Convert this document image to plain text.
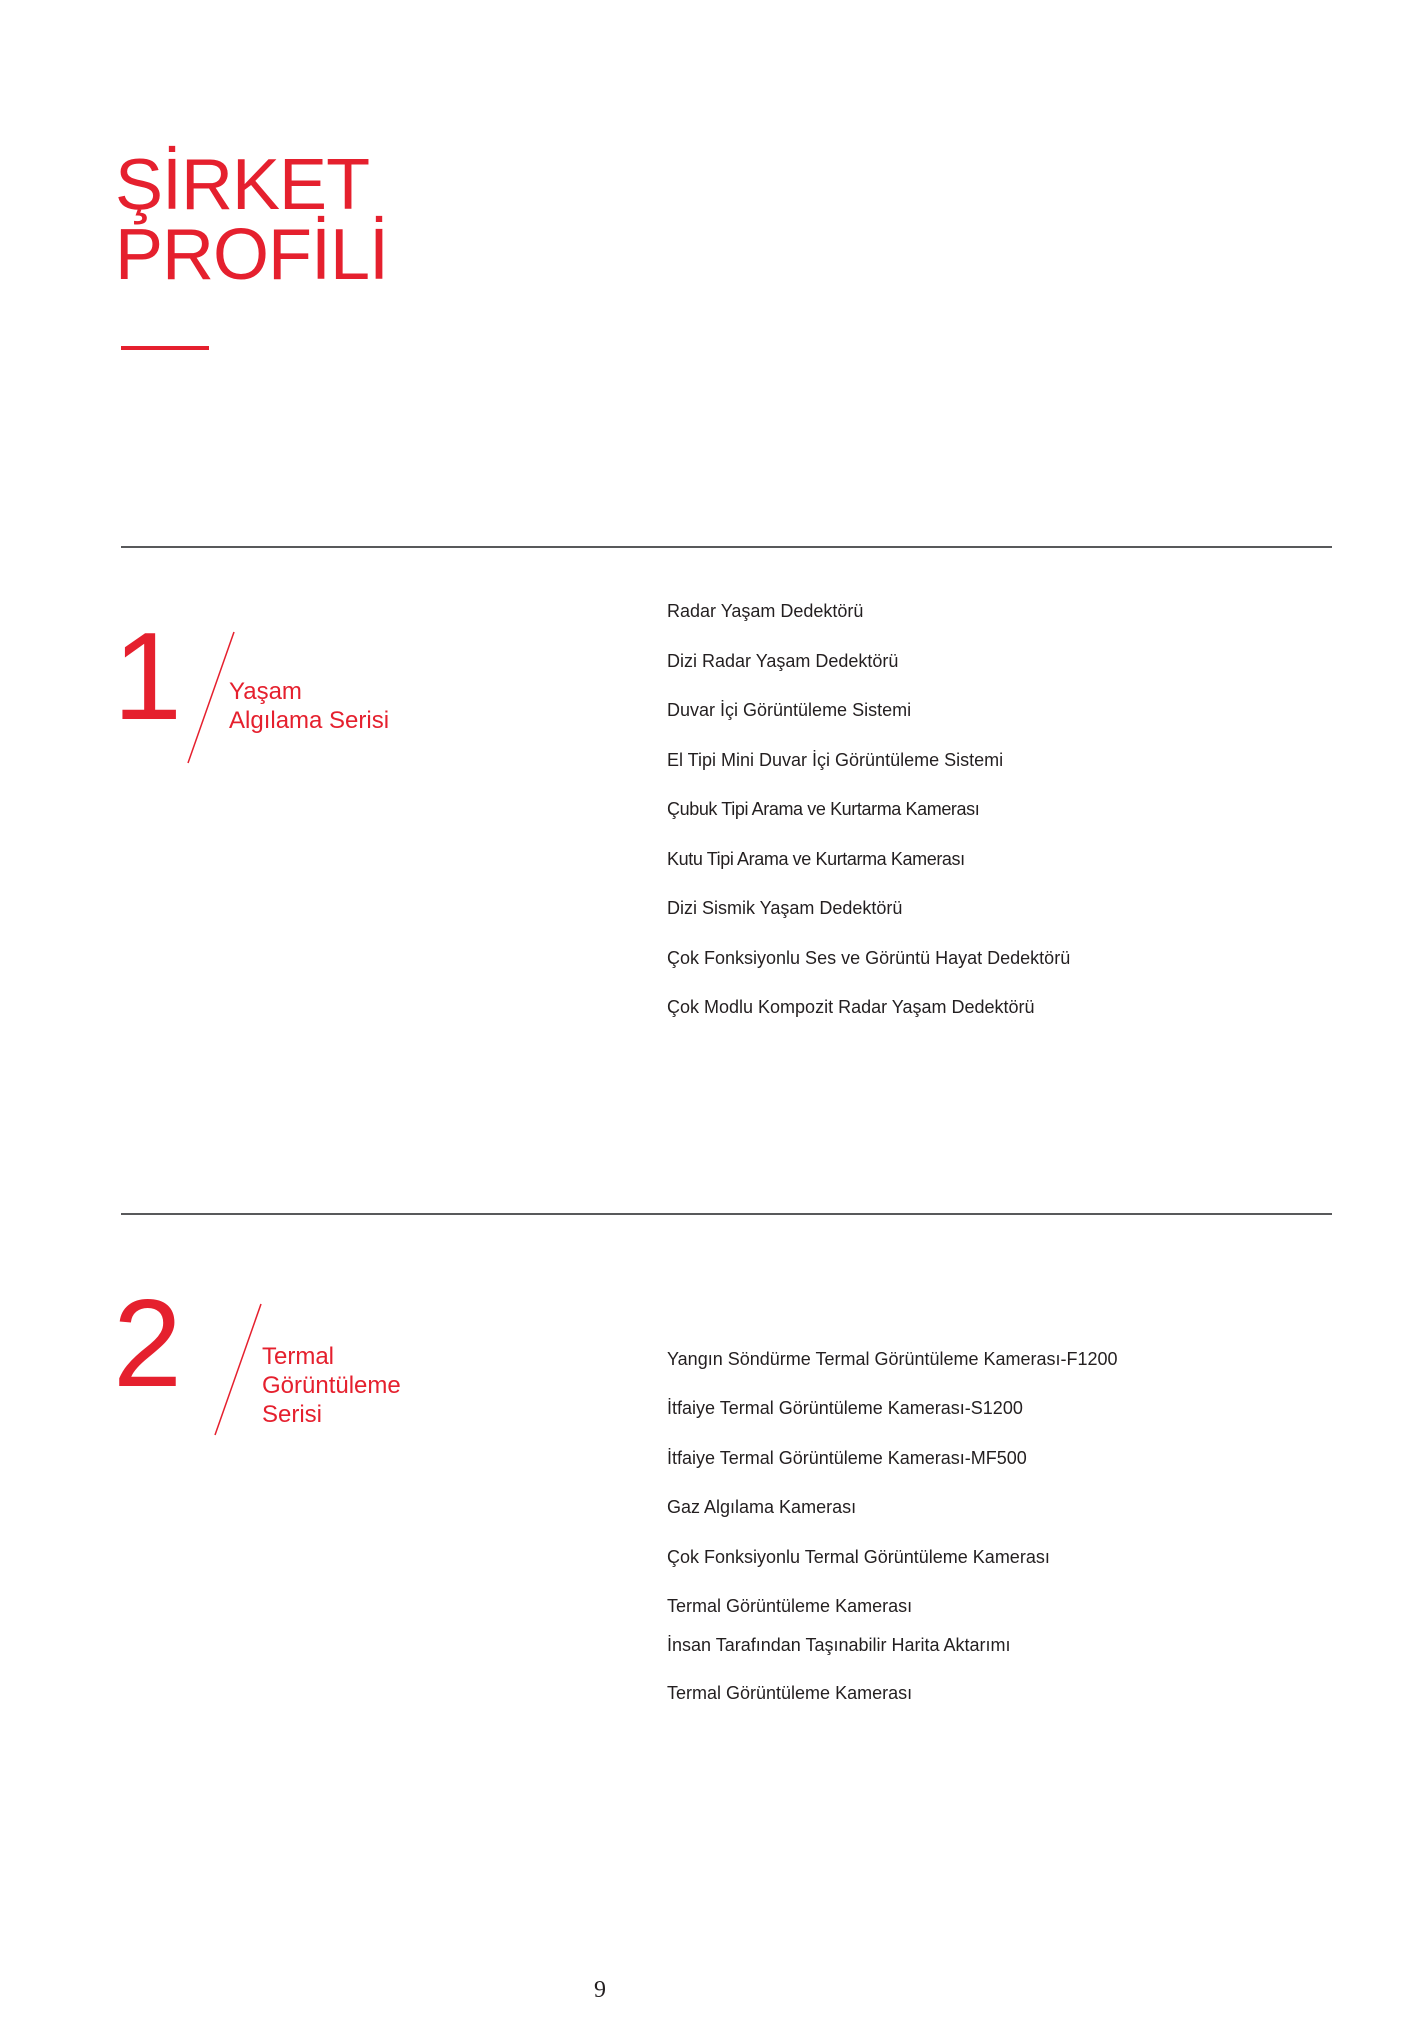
ŞİRKET
PROFİLİ
1 Yaşam
Algılama Serisi
Radar Yaşam Dedektörü
Dizi Radar Yaşam Dedektörü
Duvar İçi Görüntüleme Sistemi
El Tipi Mini Duvar İçi Görüntüleme Sistemi
Çubuk Tipi Arama ve Kurtarma Kamerası
Kutu Tipi Arama ve Kurtarma Kamerası
Dizi Sismik Yaşam Dedektörü
Çok Fonksiyonlu Ses ve Görüntü Hayat Dedektörü
Çok Modlu Kompozit Radar Yaşam Dedektörü
2	Termal
Görüntüleme
Serisi
Yangın Söndürme Termal Görüntüleme Kamerası-F1200
İtfaiye Termal Görüntüleme Kamerası-S1200
İtfaiye Termal Görüntüleme Kamerası-MF500
Gaz Algılama Kamerası
Çok Fonksiyonlu Termal Görüntüleme Kamerası
Termal Görüntüleme Kamerası
İnsan Tarafından Taşınabilir Harita Aktarımı
Termal Görüntüleme Kamerası
9
